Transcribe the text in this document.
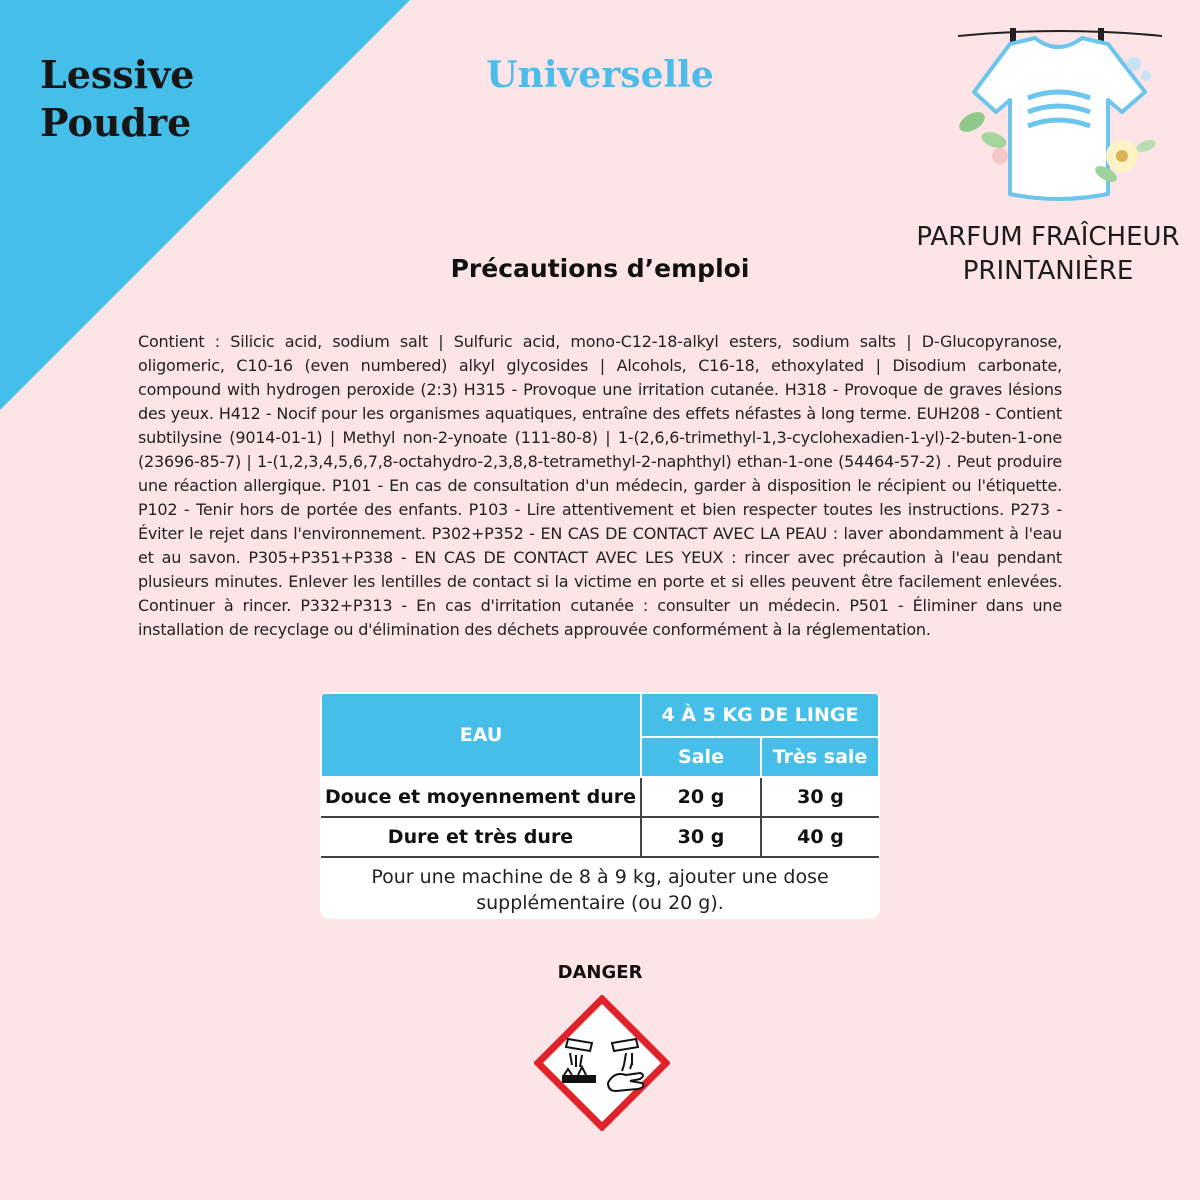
Lessive
Poudre
Universelle
PARFUM FRAÎCHEUR
PRINTANIÈRE
Précautions d’emploi
Contient : Silicic acid, sodium salt | Sulfuric acid, mono-C12-18-alkyl esters, sodium salts | D-Glucopyranose, oligomeric, C10-16 (even numbered) alkyl glycosides | Alcohols, C16-18, ethoxylated | Disodium carbonate, compound with hydrogen peroxide (2:3) H315 - Provoque une irritation cutanée. H318 - Provoque de graves lésions des yeux. H412 - Nocif pour les organismes aquatiques, entraîne des effets néfastes à long terme. EUH208 - Contient subtilysine (9014-01-1) | Methyl non-2-ynoate (111-80-8) | 1-(2,6,6-trimethyl-1,3-cyclohexadien-1-yl)-2-buten-1-one (23696-85-7) | 1-(1,2,3,4,5,6,7,8-octahydro-2,3,8,8-tetramethyl-2-naphthyl) ethan-1-one (54464-57-2) . Peut produire une réaction allergique. P101 - En cas de consultation d'un médecin, garder à disposition le récipient ou l'étiquette. P102 - Tenir hors de portée des enfants. P103 - Lire attentivement et bien respecter toutes les instructions. P273 - Éviter le rejet dans l'environnement. P302+P352 - EN CAS DE CONTACT AVEC LA PEAU : laver abondamment à l'eau et au savon. P305+P351+P338 - EN CAS DE CONTACT AVEC LES YEUX : rincer avec précaution à l'eau pendant plusieurs minutes. Enlever les lentilles de contact si la victime en porte et si elles peuvent être facilement enlevées. Continuer à rincer. P332+P313 - En cas d'irritation cutanée : consulter un médecin. P501 - Éliminer dans une installation de recyclage ou d'élimination des déchets approuvée conformément à la réglementation.
EAU	4 À 5 KG DE LINGE	
	Sale	Très sale
Douce et moyennement dure	20 g	30 g
Dure et très dure	30 g	40 g
Pour une machine de 8 à 9 kg, ajouter une dose
supplémentaire (ou 20 g).
DANGER
